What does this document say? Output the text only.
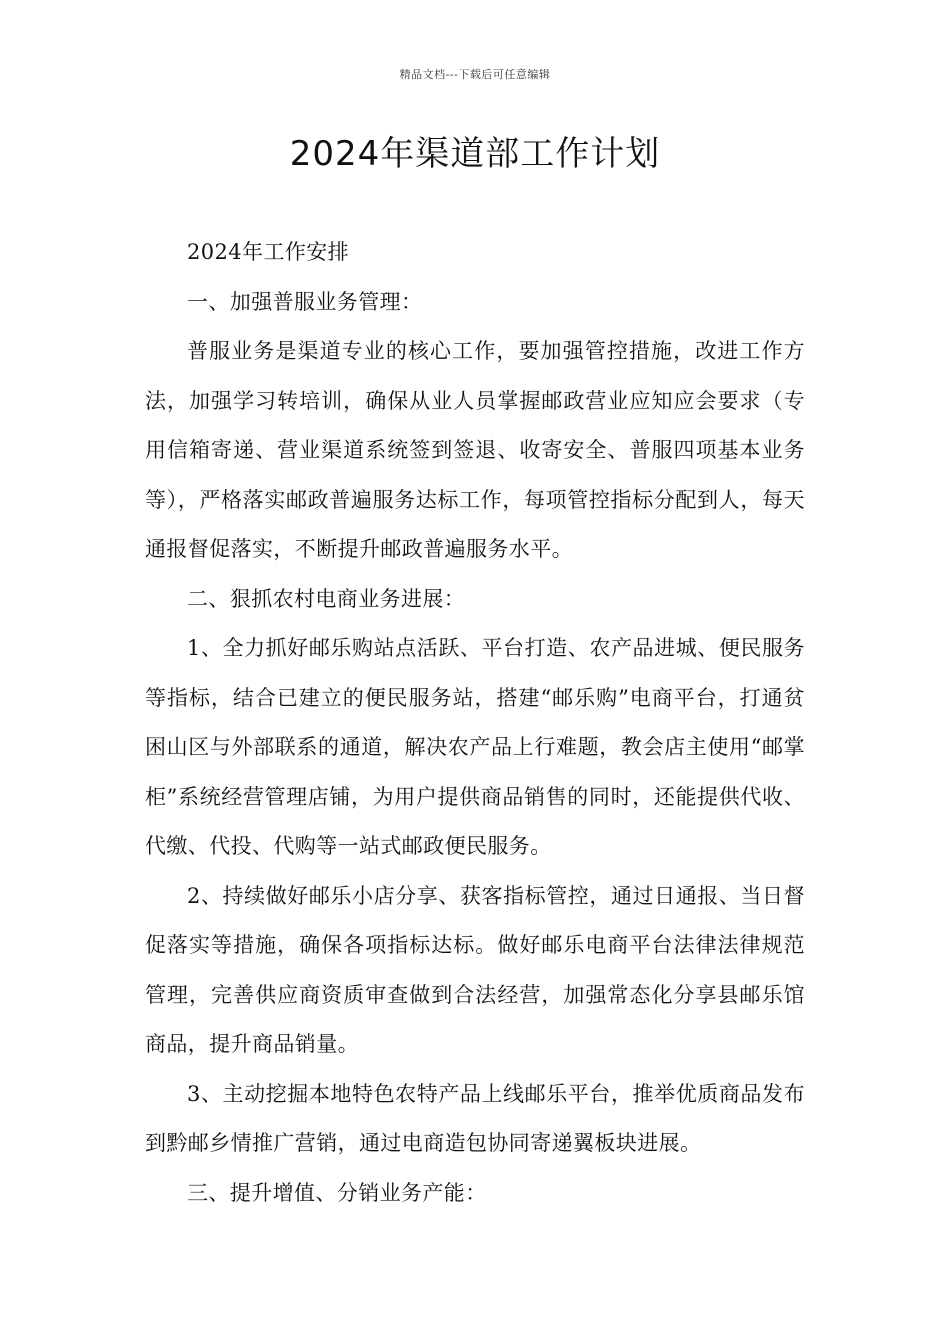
精品文档---下载后可任意编辑
2024年渠道部工作计划

2024年工作安排

一、加强普服业务管理：

普服业务是渠道专业的核心工作，要加强管控措施，改进工作方法，加强学习转培训，确保从业人员掌握邮政营业应知应会要求（专用信箱寄递、营业渠道系统签到签退、收寄安全、普服四项基本业务等），严格落实邮政普遍服务达标工作，每项管控指标分配到人，每天通报督促落实，不断提升邮政普遍服务水平。

二、狠抓农村电商业务进展：

1、全力抓好邮乐购站点活跃、平台打造、农产品进城、便民服务等指标，结合已建立的便民服务站，搭建“邮乐购”电商平台，打通贫困山区与外部联系的通道，解决农产品上行难题，教会店主使用“邮掌柜”系统经营管理店铺，为用户提供商品销售的同时，还能提供代收、代缴、代投、代购等一站式邮政便民服务。

2、持续做好邮乐小店分享、获客指标管控，通过日通报、当日督促落实等措施，确保各项指标达标。做好邮乐电商平台法律法律规范管理，完善供应商资质审查做到合法经营，加强常态化分享县邮乐馆商品，提升商品销量。

3、主动挖掘本地特色农特产品上线邮乐平台，推举优质商品发布到黔邮乡情推广营销，通过电商造包协同寄递翼板块进展。

三、提升增值、分销业务产能：
